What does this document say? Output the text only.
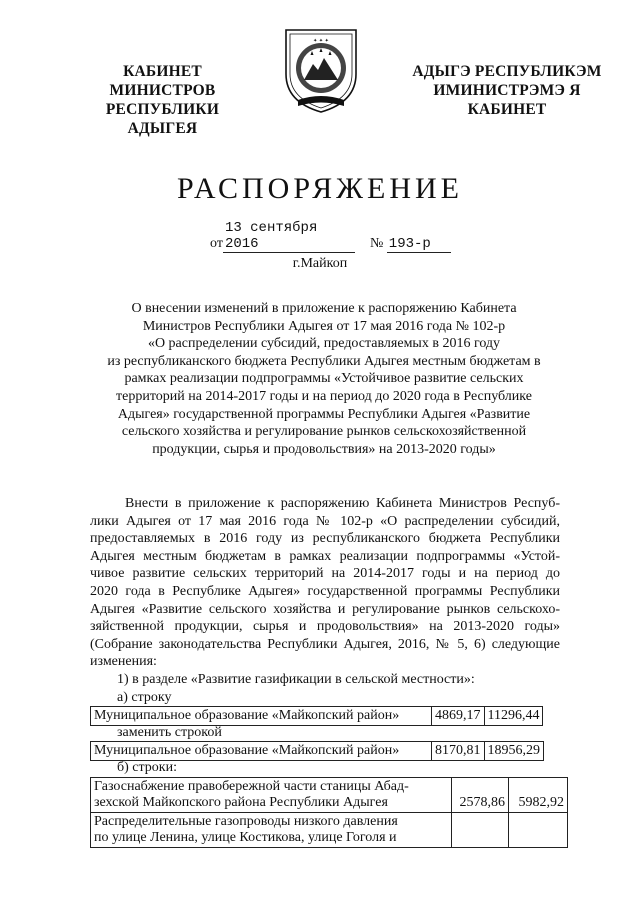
КАБИНЕТ МИНИСТРОВ
РЕСПУБЛИКИ АДЫГЕЯ
✦ ✦ ✦
АДЫГЭ РЕСПУБЛИКЭМ
ИМИНИСТРЭМЭ Я КАБИНЕТ
РАСПОРЯЖЕНИЕ
от13 сентября 2016	№ 193-р
г.Майкоп
О внесении изменений в приложение к распоряжению Кабинета
Министров Республики Адыгея от 17 мая 2016 года № 102-р
«О распределении субсидий, предоставляемых в 2016 году
из республиканского бюджета Республики Адыгея местным бюджетам в
рамках реализации подпрограммы «Устойчивое развитие сельских
территорий на 2014-2017 годы и на период до 2020 года в Республике
Адыгея» государственной программы Республики Адыгея «Развитие
сельского хозяйства и регулирование рынков сельскохозяйственной
продукции, сырья и продовольствия» на 2013-2020 годы»
Внести в приложение к распоряжению Кабинета Министров Респуб-
лики Адыгея от 17 мая 2016 года № 102-р «О распределении субсидий,
предоставляемых в 2016 году из республиканского бюджета Республики
Адыгея местным бюджетам в рамках реализации подпрограммы «Устой-
чивое развитие сельских территорий на 2014-2017 годы и на период до
2020 года в Республике Адыгея» государственной программы Республики
Адыгея «Развитие сельского хозяйства и регулирование рынков сельскохо-
зяйственной продукции, сырья и продовольствия» на 2013-2020 годы»
(Собрание законодательства Республики Адыгея, 2016, № 5, 6) следующие
изменения:
1) в разделе «Развитие газификации в сельской местности»:
а) строку
Муниципальное образование «Майкопский район»	4869,17	11296,44
заменить строкой
Муниципальное образование «Майкопский район»	8170,81	18956,29
б) строки:
Газоснабжение правобережной части станицы Абад-
зехской Майкопского района Республики Адыгея	2578,86	5982,92

Распределительные газопроводы низкого давления
по улице Ленина, улице Костикова, улице Гоголя и		
